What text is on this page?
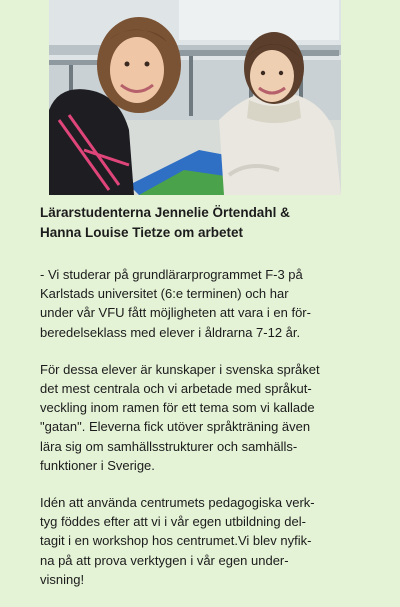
Lärarstudenterna Jennelie Örtendahl &
Hanna Louise Tietze om arbetet
- Vi studerar på grundlärarprogrammet F-3 på
Karlstads universitet (6:e terminen) och har
under vår VFU fått möjligheten att vara i en för-
beredelseklass med elever i åldrarna 7-12 år.
För dessa elever är kunskaper i svenska språket
det mest centrala och vi arbetade med språkut-
veckling inom ramen för ett tema som vi kallade
"gatan". Eleverna fick utöver språkträning även
lära sig om samhällsstrukturer och samhälls-
funktioner i Sverige.
Idén att använda centrumets pedagogiska verk-
tyg föddes efter att vi i vår egen utbildning del-
tagit i en workshop hos centrumet.Vi blev nyfik-
na på att prova verktygen i vår egen under-
visning!
